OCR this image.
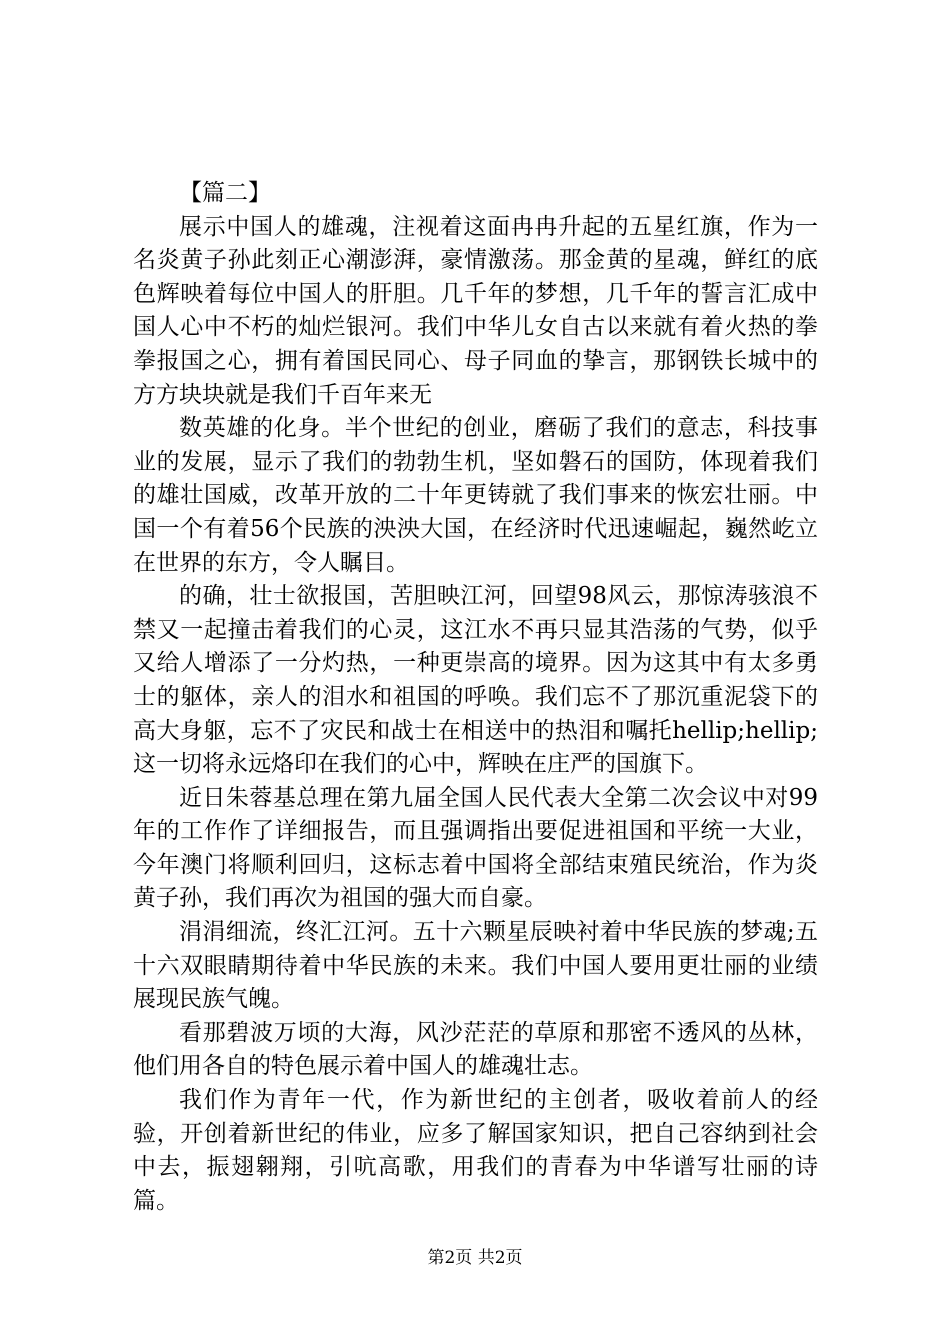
【篇二】

展示中国人的雄魂，注视着这面冉冉升起的五星红旗，作为一名炎黄子孙此刻正心潮澎湃，豪情激荡。那金黄的星魂，鲜红的底色辉映着每位中国人的肝胆。几千年的梦想，几千年的誓言汇成中国人心中不朽的灿烂银河。我们中华儿女自古以来就有着火热的拳拳报国之心，拥有着国民同心、母子同血的挚言，那钢铁长城中的方方块块就是我们千百年来无

数英雄的化身。半个世纪的创业，磨砺了我们的意志，科技事业的发展，显示了我们的勃勃生机，坚如磐石的国防，体现着我们的雄壮国威，改革开放的二十年更铸就了我们事来的恢宏壮丽。中国一个有着56个民族的泱泱大国，在经济时代迅速崛起，巍然屹立在世界的东方，令人瞩目。

的确，壮士欲报国，苦胆映江河，回望98风云，那惊涛骇浪不禁又一起撞击着我们的心灵，这江水不再只显其浩荡的气势，似乎又给人增添了一分灼热，一种更崇高的境界。因为这其中有太多勇士的躯体，亲人的泪水和祖国的呼唤。我们忘不了那沉重泥袋下的高大身躯，忘不了灾民和战士在相送中的热泪和嘱托hellip;hellip;这一切将永远烙印在我们的心中，辉映在庄严的国旗下。

近日朱蓉基总理在第九届全国人民代表大全第二次会议中对99年的工作作了详细报告，而且强调指出要促进祖国和平统一大业，今年澳门将顺利回归，这标志着中国将全部结束殖民统治，作为炎黄子孙，我们再次为祖国的强大而自豪。

涓涓细流，终汇江河。五十六颗星辰映衬着中华民族的梦魂;五十六双眼睛期待着中华民族的未来。我们中国人要用更壮丽的业绩展现民族气魄。

看那碧波万顷的大海，风沙茫茫的草原和那密不透风的丛林，他们用各自的特色展示着中国人的雄魂壮志。

我们作为青年一代，作为新世纪的主创者，吸收着前人的经验，开创着新世纪的伟业，应多了解国家知识，把自己容纳到社会中去，振翅翱翔，引吭高歌，用我们的青春为中华谱写壮丽的诗篇。

第2页 共2页
